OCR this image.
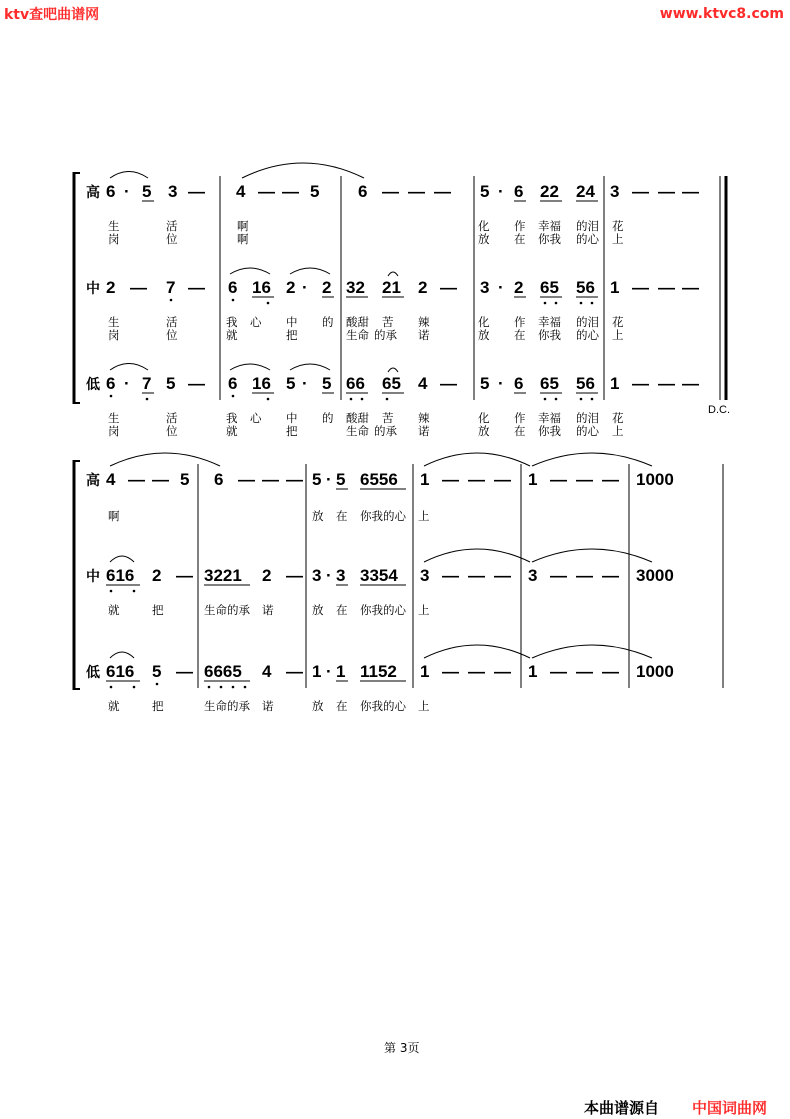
ktv查吧曲谱网	www.ktvc8.com
高 6 · 5 3 — 4 — — 5 6 — — — 5 · 6 22 24 3 — — —
生	活	啊	化 作 幸福 的泪 花
岗	位	啊	放 在 你我 的心 上
中 2 — 7 — 6 16 2 · 2 32 21 2 — 3 · 2 65 56 1 — — —
生	活	我 心 中 的 酸甜 苦 辣	化 作 幸福 的泪 花
岗	位	就	把	生命 的承 诺	放 在 你我 的心 上
低 6 · 7 5 — 6 16 5 · 5 66 65 4 — 5 · 6 65 56 1 — — —
D.C.
生	活	我 心 中 的 酸甜 苦 辣	化 作 幸福 的泪 花
岗	位	就	把	生命 的承 诺	放 在 你我 的心 上
高 4 — — 5 6 — — — 5 · 5 6556 1 — — — 1 — — — 1000
啊	放 在 你我的心 上
中 616 2 — 3221 2 — 3 · 3 3354 3 — — — 3 — — — 3000
就	把	生命的承 诺	放 在 你我的心 上
低 616 5 — 6665 4 — 1 · 1 1152 1 — — — 1 — — — 1000
就	把	生命的承 诺	放 在 你我的心 上
第 3页
本曲谱源自 中国词曲网
